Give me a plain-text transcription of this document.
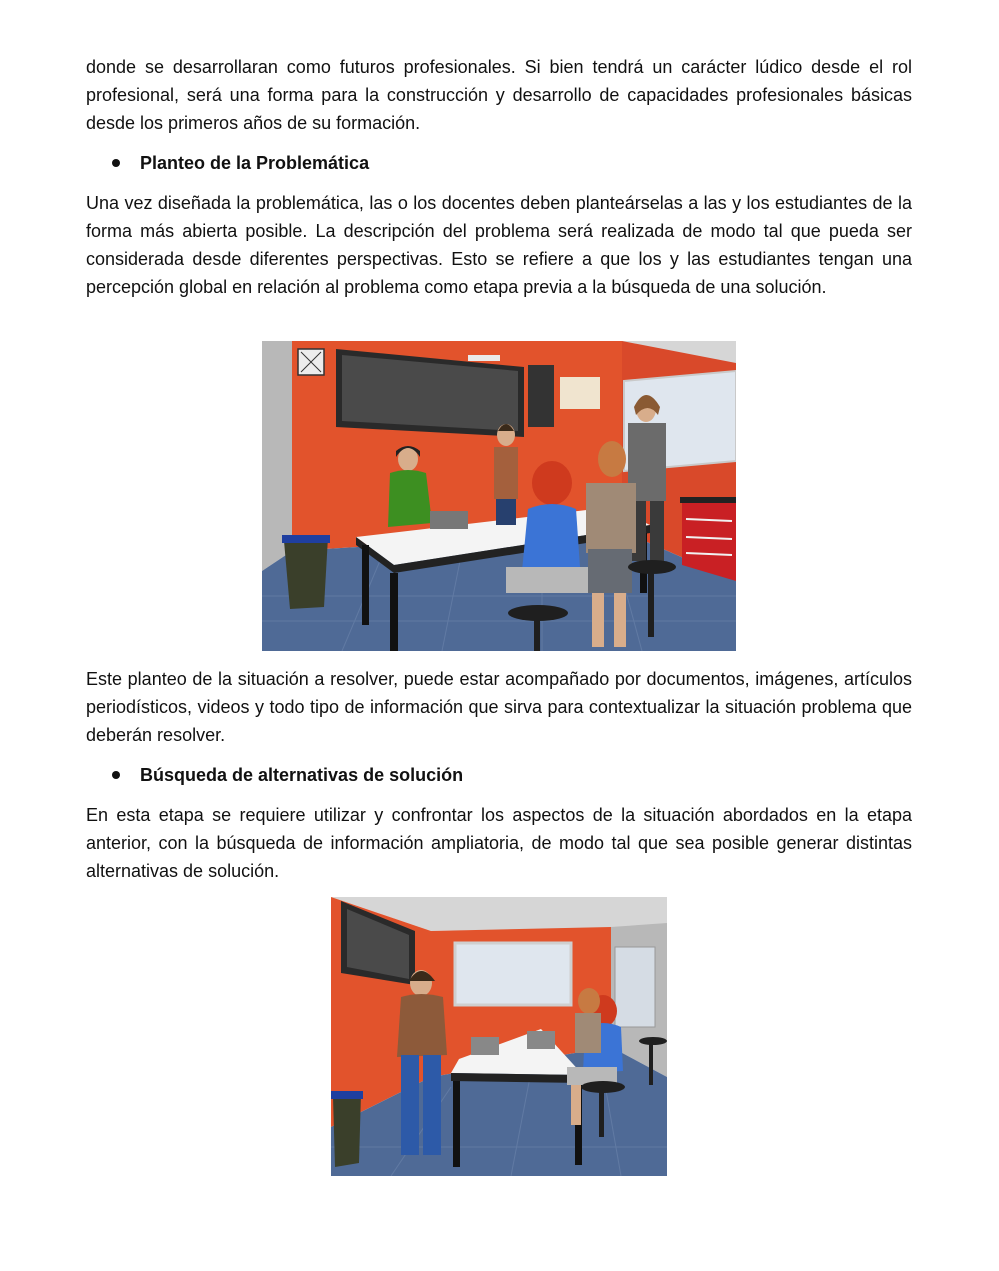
donde se desarrollaran como futuros profesionales. Si bien tendrá un carácter lúdico desde el rol profesional, será una forma para la construcción y desarrollo de capacidades profesionales básicas desde los primeros años de su formación.

Planteo de la Problemática

Una vez diseñada la problemática, las o los docentes deben planteárselas a las y los estudiantes de la forma más abierta posible. La descripción del problema será realizada de modo tal que pueda ser considerada desde diferentes perspectivas. Esto se refiere a que los y las estudiantes tengan una percepción global en relación al problema como etapa previa a la búsqueda de una solución.

Este planteo de la situación a resolver, puede estar acompañado por documentos, imágenes, artículos periodísticos, videos y todo tipo de información que sirva para contextualizar la situación problema que deberán resolver.

Búsqueda de alternativas de solución

En esta etapa se requiere utilizar y confrontar los aspectos de la situación abordados en la etapa anterior, con la búsqueda de información ampliatoria, de modo tal que sea posible generar distintas alternativas de solución.
